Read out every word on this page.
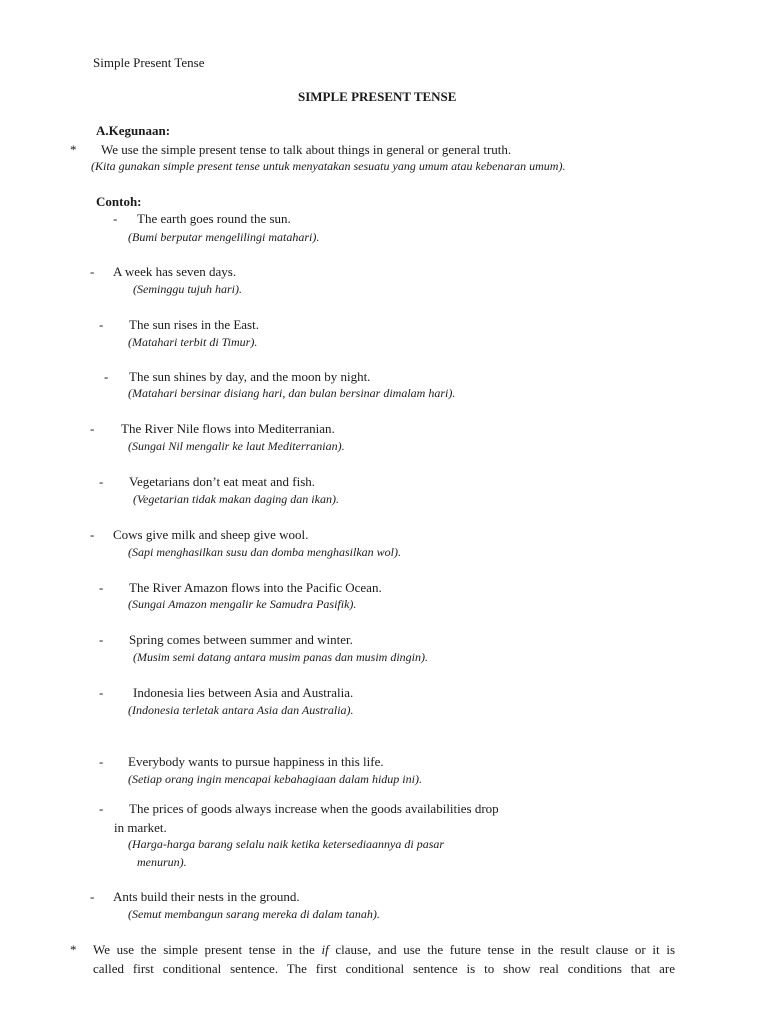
Simple Present Tense
SIMPLE PRESENT TENSE
A.Kegunaan:
* We use the simple present tense to talk about things in general or general truth.
(Kita gunakan simple present tense untuk menyatakan sesuatu yang umum atau kebenaran umum).
Contoh:
- The earth goes round the sun.
(Bumi berputar mengelilingi matahari).
- A week has seven days.
(Seminggu tujuh hari).
- The sun rises in the East.
(Matahari terbit di Timur).
- The sun shines by day, and the moon by night.
(Matahari bersinar disiang hari, dan bulan bersinar dimalam hari).
- The River Nile flows into Mediterranian.
(Sungai Nil mengalir ke laut Mediterranian).
- Vegetarians don’t eat meat and fish.
(Vegetarian tidak makan daging dan ikan).
- Cows give milk and sheep give wool.
(Sapi menghasilkan susu dan domba menghasilkan wol).
- The River Amazon flows into the Pacific Ocean.
(Sungai Amazon mengalir ke Samudra Pasifik).
- Spring comes between summer and winter.
(Musim semi datang antara musim panas dan musim dingin).
- Indonesia lies between Asia and Australia.
(Indonesia terletak antara Asia dan Australia).
- Everybody wants to pursue happiness in this life.
(Setiap orang ingin mencapai kebahagiaan dalam hidup ini).
- The prices of goods always increase when the goods availabilities drop
in market.
(Harga-harga barang selalu naik ketika ketersediaannya di pasar
menurun).
- Ants build their nests in the ground.
(Semut membangun sarang mereka di dalam tanah).
* We use the simple present tense in the if clause, and use the future tense in the result clause or it is
called first conditional sentence. The first conditional sentence is to show real conditions that are
